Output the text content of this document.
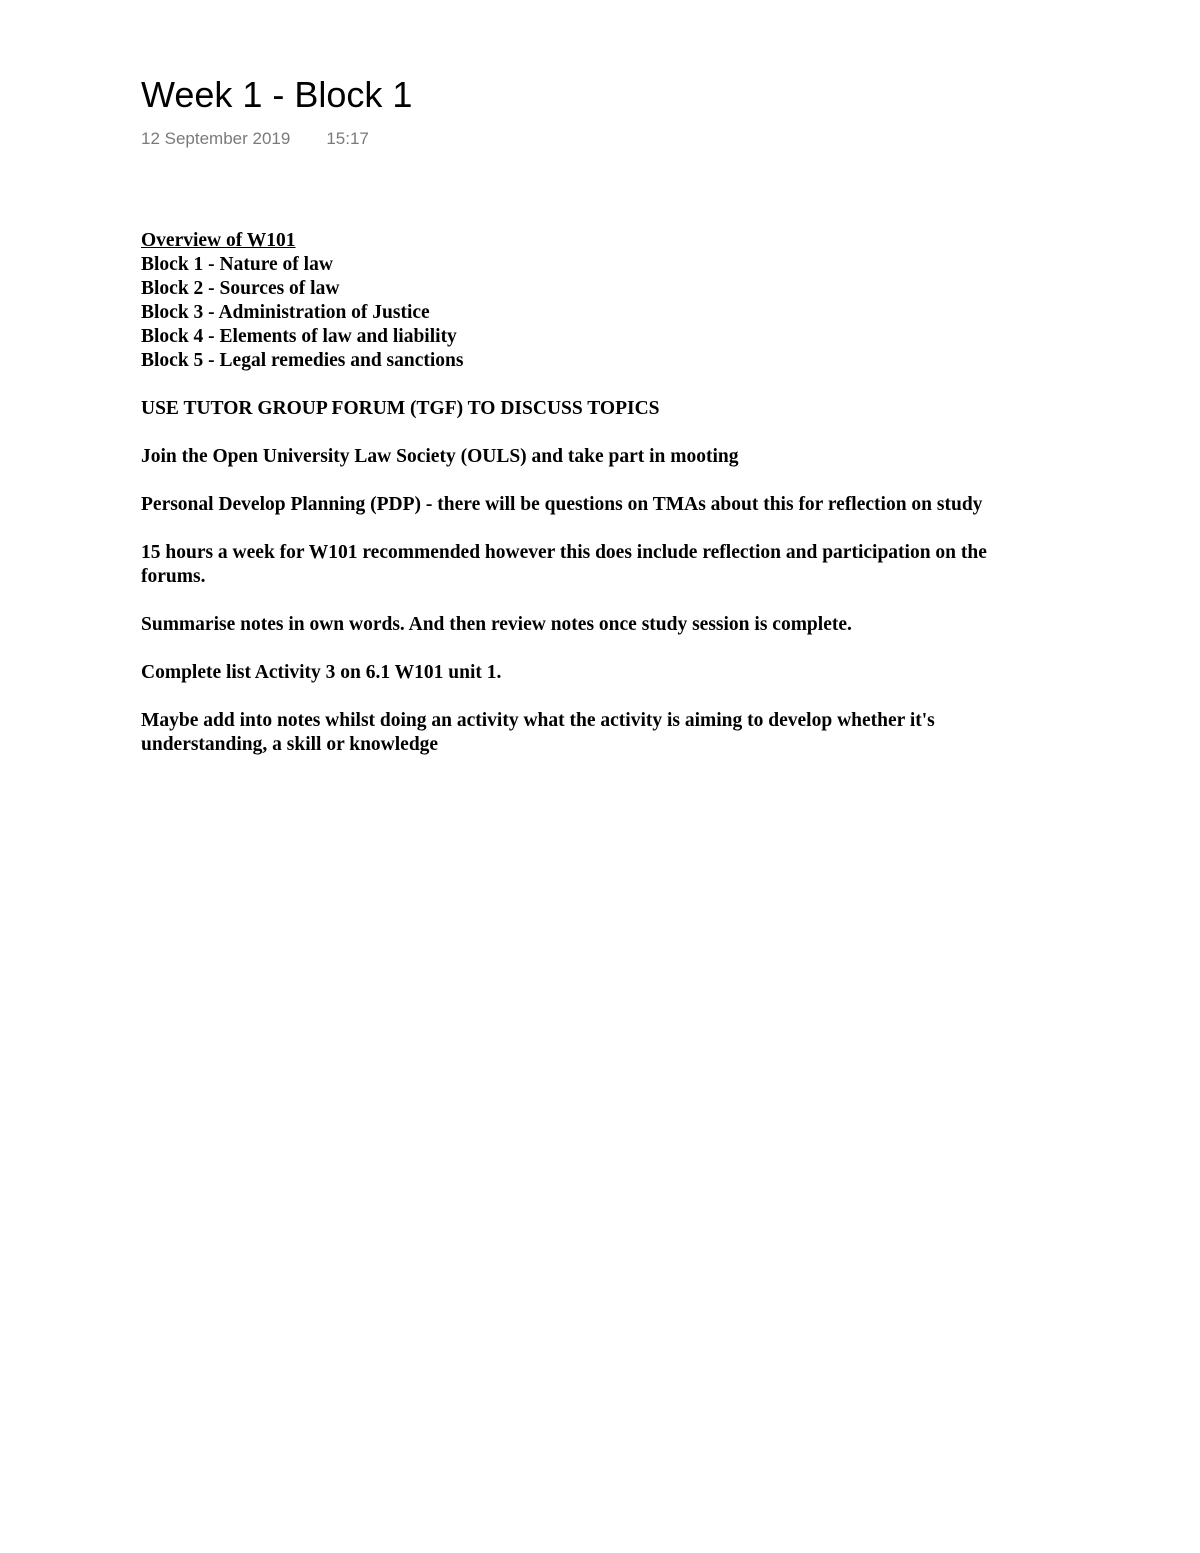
Week 1 - Block 1
12 September 2019 15:17
Overview of W101
Block 1 - Nature of law
Block 2 - Sources of law
Block 3 - Administration of Justice
Block 4 - Elements of law and liability
Block 5 - Legal remedies and sanctions
USE TUTOR GROUP FORUM (TGF) TO DISCUSS TOPICS
Join the Open University Law Society (OULS) and take part in mooting
Personal Develop Planning (PDP) - there will be questions on TMAs about this for reflection on study
15 hours a week for W101 recommended however this does include reflection and participation on the forums.
Summarise notes in own words. And then review notes once study session is complete.
Complete list Activity 3 on 6.1 W101 unit 1.
Maybe add into notes whilst doing an activity what the activity is aiming to develop whether it's understanding, a skill or knowledge
